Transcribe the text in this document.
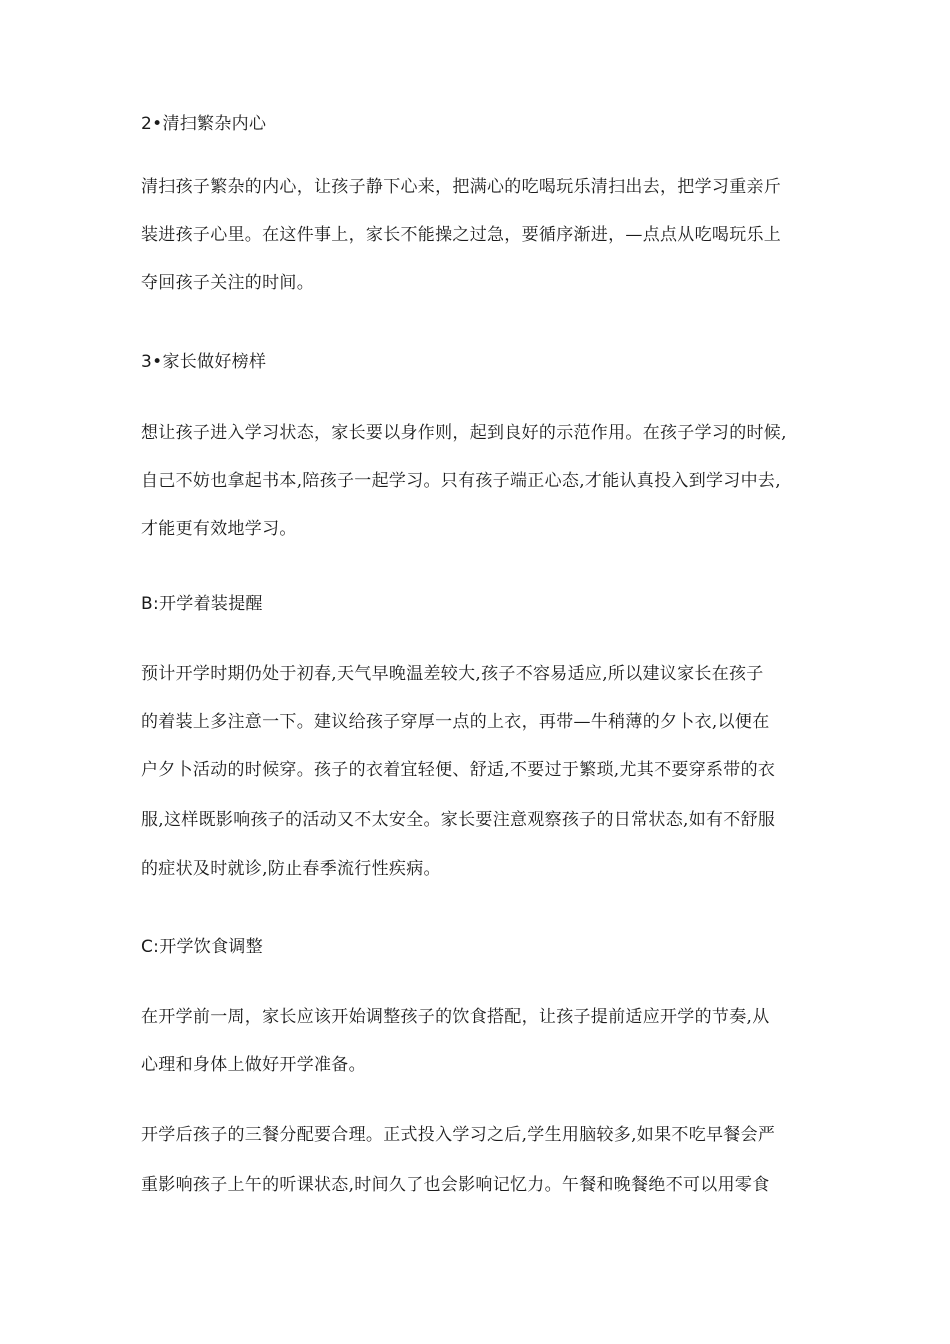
2•清扫繁杂内心

清扫孩子繁杂的内心，让孩子静下心来，把满心的吃喝玩乐清扫出去，把学习重亲斤

装进孩子心里。在这件事上，家长不能操之过急，要循序渐进，—点点从吃喝玩乐上

夺回孩子关注的时间。

3•家长做好榜样

想让孩子进入学习状态，家长要以身作则，起到良好的示范作用。在孩子学习的时候,

自己不妨也拿起书本,陪孩子一起学习。只有孩子端正心态,才能认真投入到学习中去,

才能更有效地学习。

B:开学着装提醒

预计开学时期仍处于初春,天气早晚温差较大,孩子不容易适应,所以建议家长在孩子

的着装上多注意一下。建议给孩子穿厚一点的上衣，再带—牛稍薄的夕卜衣,以便在

户夕卜活动的时候穿。孩子的衣着宜轻便、舒适,不要过于繁琐,尤其不要穿系带的衣

服,这样既影响孩子的活动又不太安全。家长要注意观察孩子的日常状态,如有不舒服

的症状及时就诊,防止春季流行性疾病。

C:开学饮食调整

在开学前一周，家长应该开始调整孩子的饮食搭配，让孩子提前适应开学的节奏,从

心理和身体上做好开学准备。

开学后孩子的三餐分配要合理。正式投入学习之后,学生用脑较多,如果不吃早餐会严

重影响孩子上午的听课状态,时间久了也会影响记忆力。午餐和晚餐绝不可以用零食
